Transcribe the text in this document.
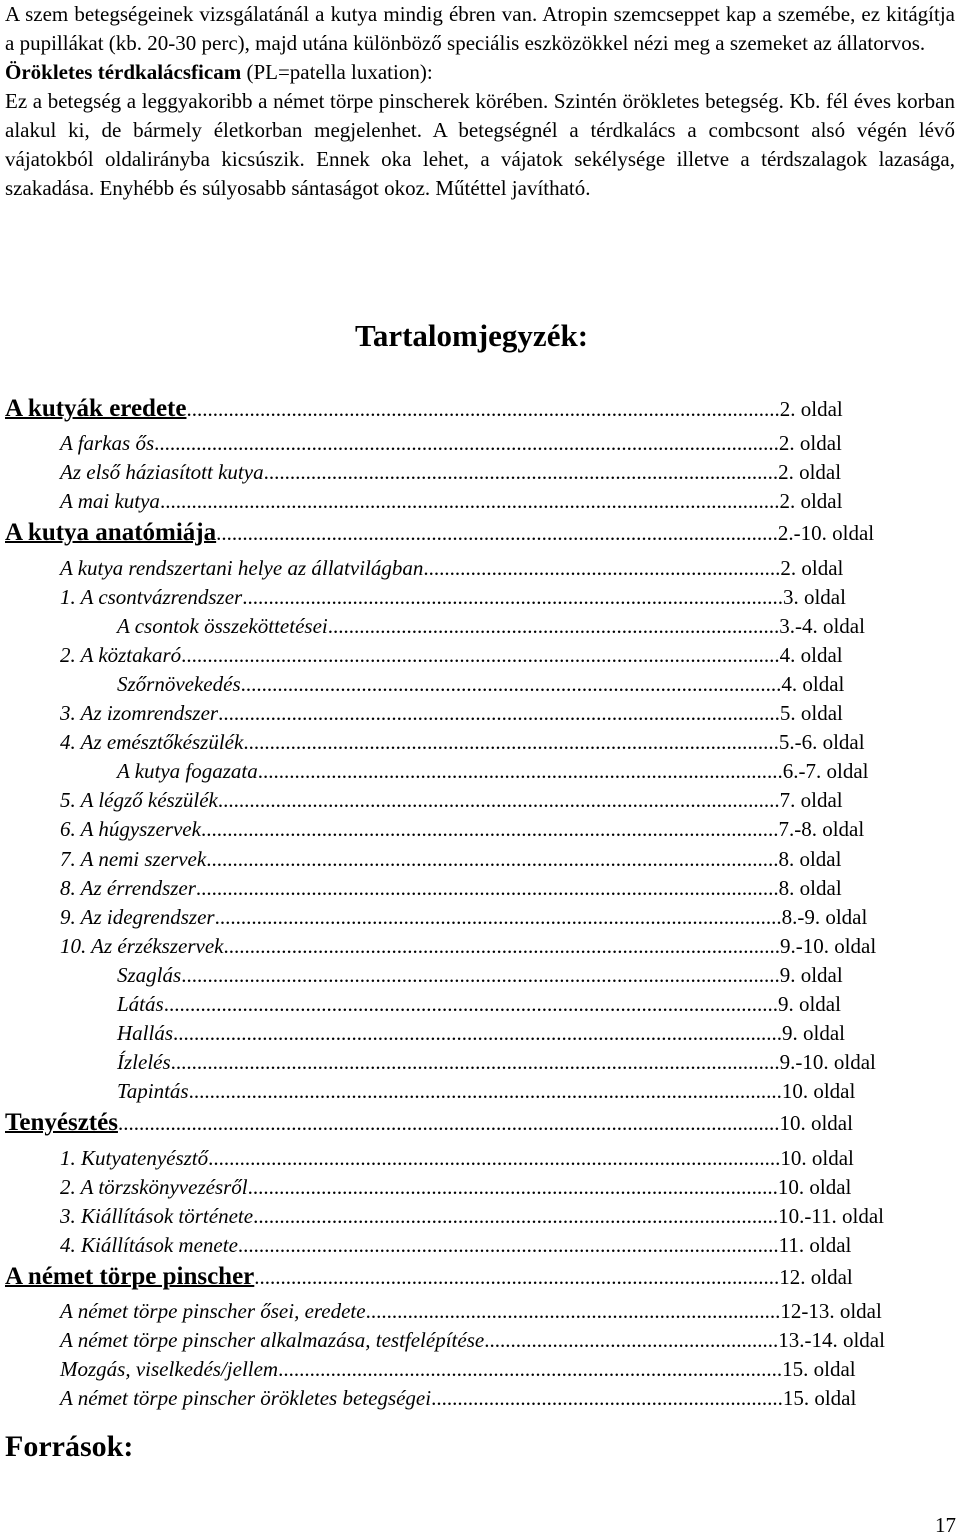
A szem betegségeinek vizsgálatánál a kutya mindig ébren van. Atropin szemcseppet kap a szemébe, ez kitágítja a pupillákat (kb. 20-30 perc), majd utána különböző speciális eszközökkel nézi meg a szemeket az állatorvos.

Örökletes térdkalácsficam (PL=patella luxation):

Ez a betegség a leggyakoribb a német törpe pinscherek körében. Szintén örökletes betegség. Kb. fél éves korban alakul ki, de bármely életkorban megjelenhet. A betegségnél a térdkalács a combcsont alsó végén lévő vájatokból oldalirányba kicsúszik. Ennek oka lehet, a vájatok sekélysége illetve a térdszalagok lazasága, szakadása. Enyhébb és súlyosabb sántaságot okoz. Műtéttel javítható.

Tartalomjegyzék:
A kutyák eredete.................................................................................................................2. oldal
A farkas ős.......................................................................................................................2. oldal
Az első háziasított kutya..................................................................................................2. oldal
A mai kutya......................................................................................................................2. oldal
A kutya anatómiája...........................................................................................................2.-10. oldal
A kutya rendszertani helye az állatvilágban....................................................................2. oldal
1. A csontvázrendszer.......................................................................................................3. oldal
A csontok összeköttetései......................................................................................3.-4. oldal
2. A köztakaró..................................................................................................................4. oldal
Szőrnövekedés.......................................................................................................4. oldal
3. Az izomrendszer...........................................................................................................5. oldal
4. Az emésztőkészülék......................................................................................................5.-6. oldal
A kutya fogazata....................................................................................................6.-7. oldal
5. A légző készülék...........................................................................................................7. oldal
6. A húgyszervek..............................................................................................................7.-8. oldal
7. A nemi szervek.............................................................................................................8. oldal
8. Az érrendszer...............................................................................................................8. oldal
9. Az idegrendszer............................................................................................................8.-9. oldal
10. Az érzékszervek..........................................................................................................9.-10. oldal
Szaglás..................................................................................................................9. oldal
Látás.....................................................................................................................9. oldal
Hallás....................................................................................................................9. oldal
Ízlelés....................................................................................................................9.-10. oldal
Tapintás.................................................................................................................10. oldal
Tenyésztés..............................................................................................................................10. oldal
1. Kutyatenyésztő.............................................................................................................10. oldal
2. A törzskönyvezésről.....................................................................................................10. oldal
3. Kiállítások története....................................................................................................10.-11. oldal
4. Kiállítások menete.......................................................................................................11. oldal
A német törpe pinscher....................................................................................................12. oldal
A német törpe pinscher ősei, eredete...............................................................................12-13. oldal
A német törpe pinscher alkalmazása, testfelépítése........................................................13.-14. oldal
Mozgás, viselkedés/jellem................................................................................................15. oldal
A német törpe pinscher örökletes betegségei...................................................................15. oldal
Források:
17
